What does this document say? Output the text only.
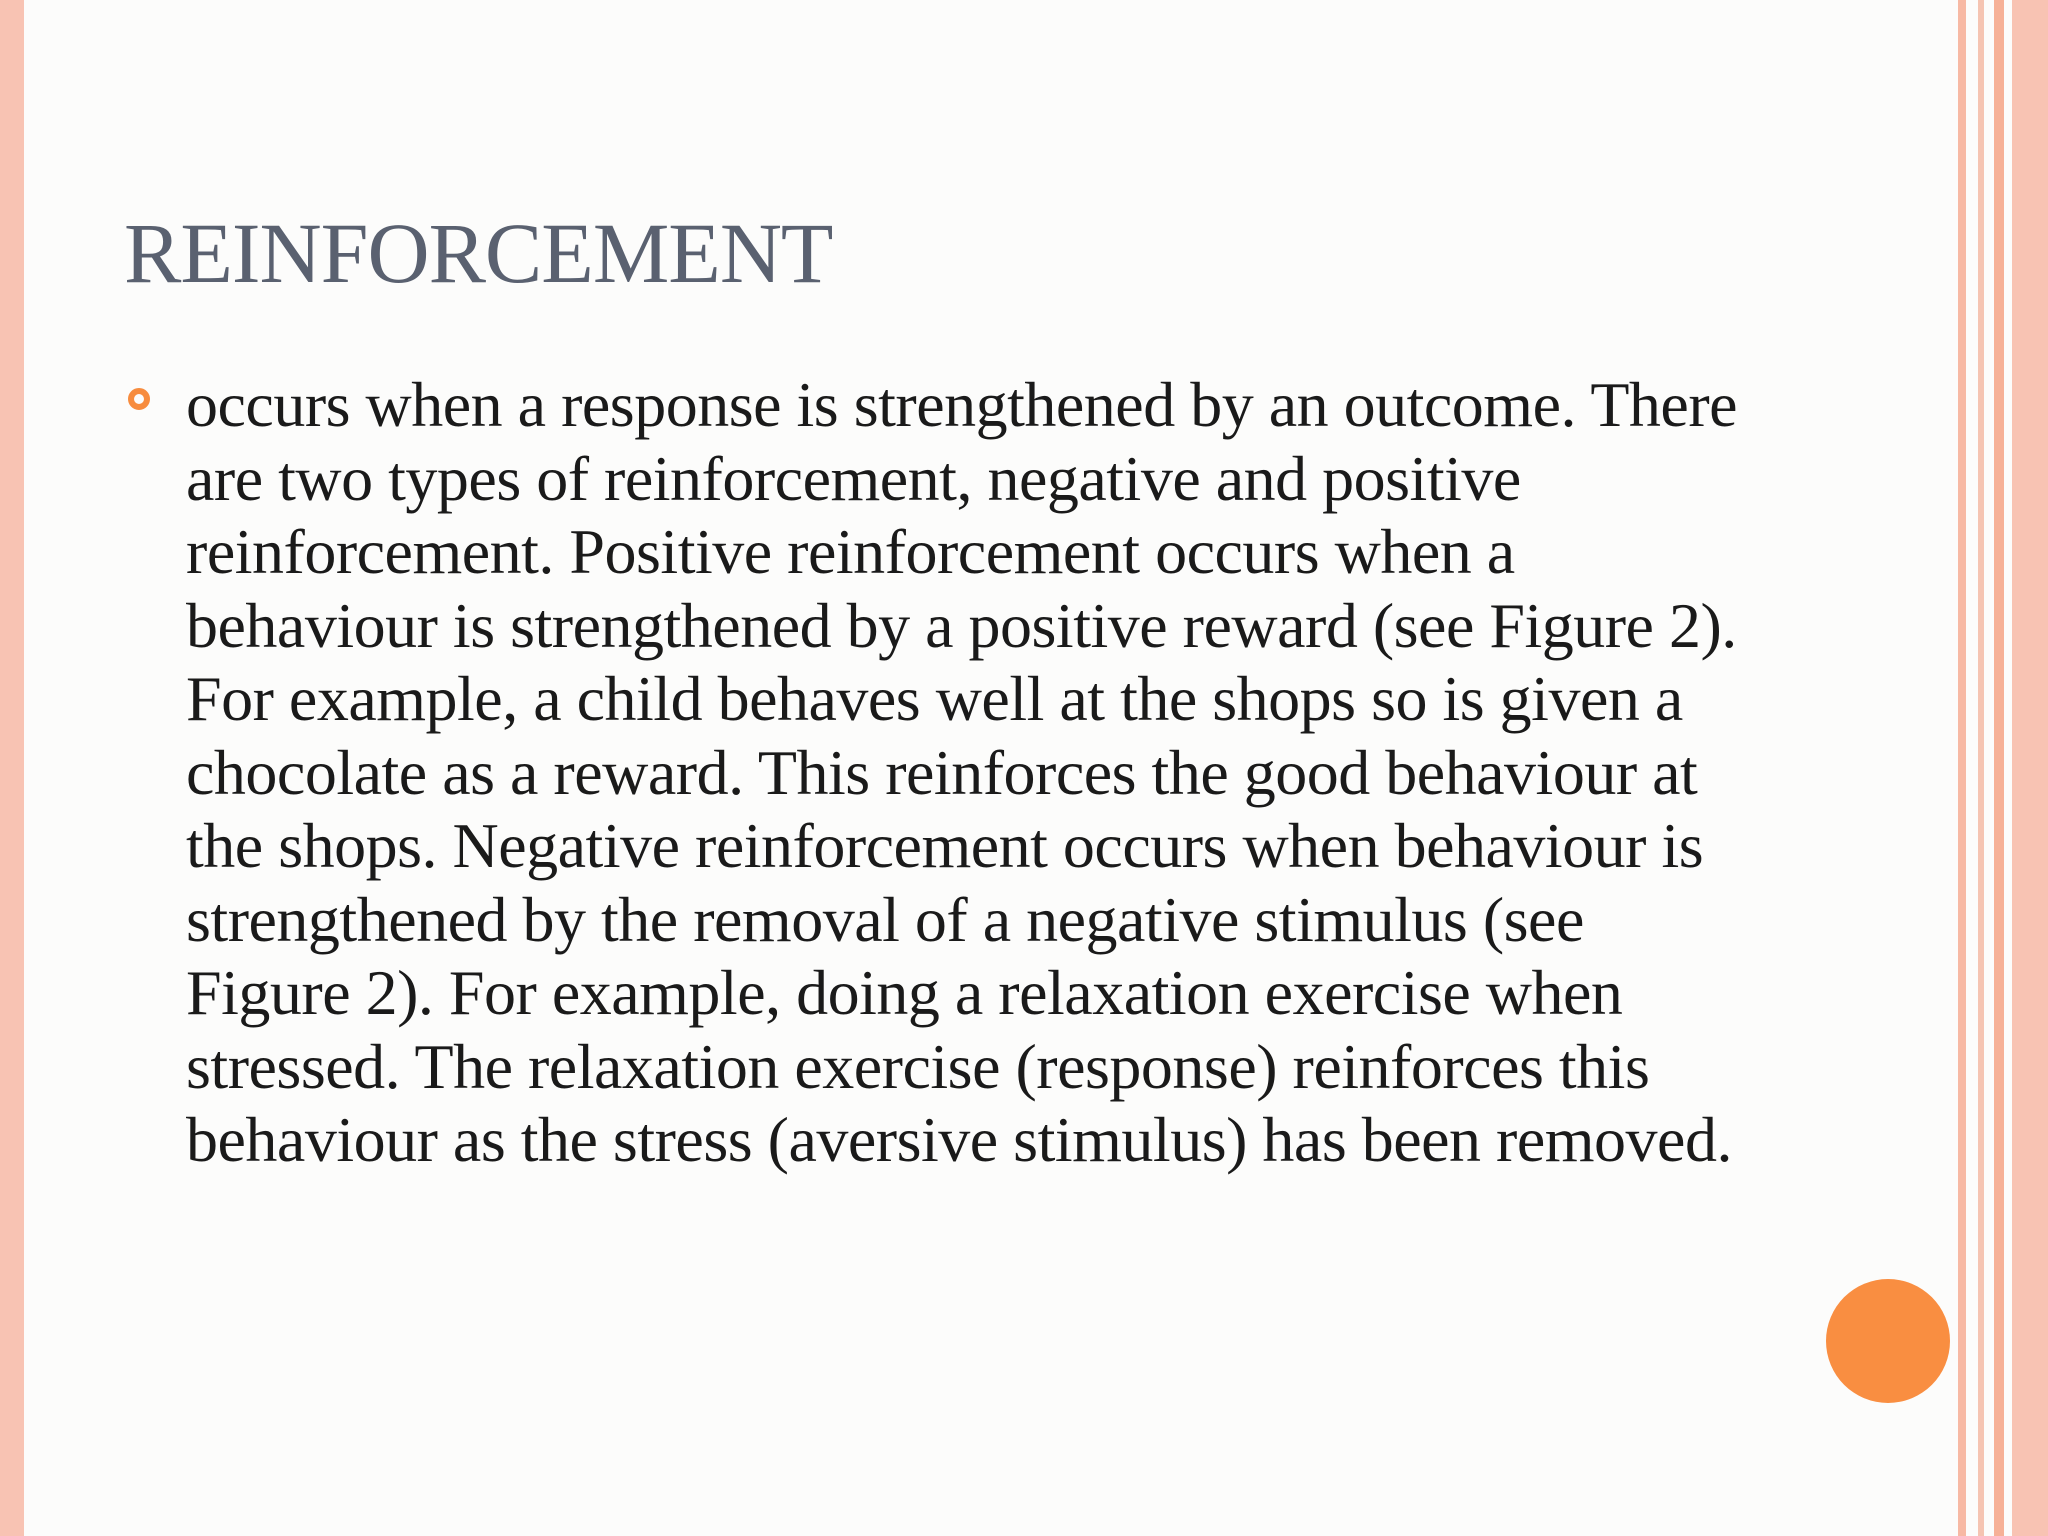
REINFORCEMENT

occurs when a response is strengthened by an outcome. There are two types of reinforcement, negative and positive reinforcement. Positive reinforcement occurs when a behaviour is strengthened by a positive reward (see Figure 2). For example, a child behaves well at the shops so is given a chocolate as a reward. This reinforces the good behaviour at the shops. Negative reinforcement occurs when behaviour is strengthened by the removal of a negative stimulus (see Figure 2). For example, doing a relaxation exercise when stressed. The relaxation exercise (response) reinforces this behaviour as the stress (aversive stimulus) has been removed.
